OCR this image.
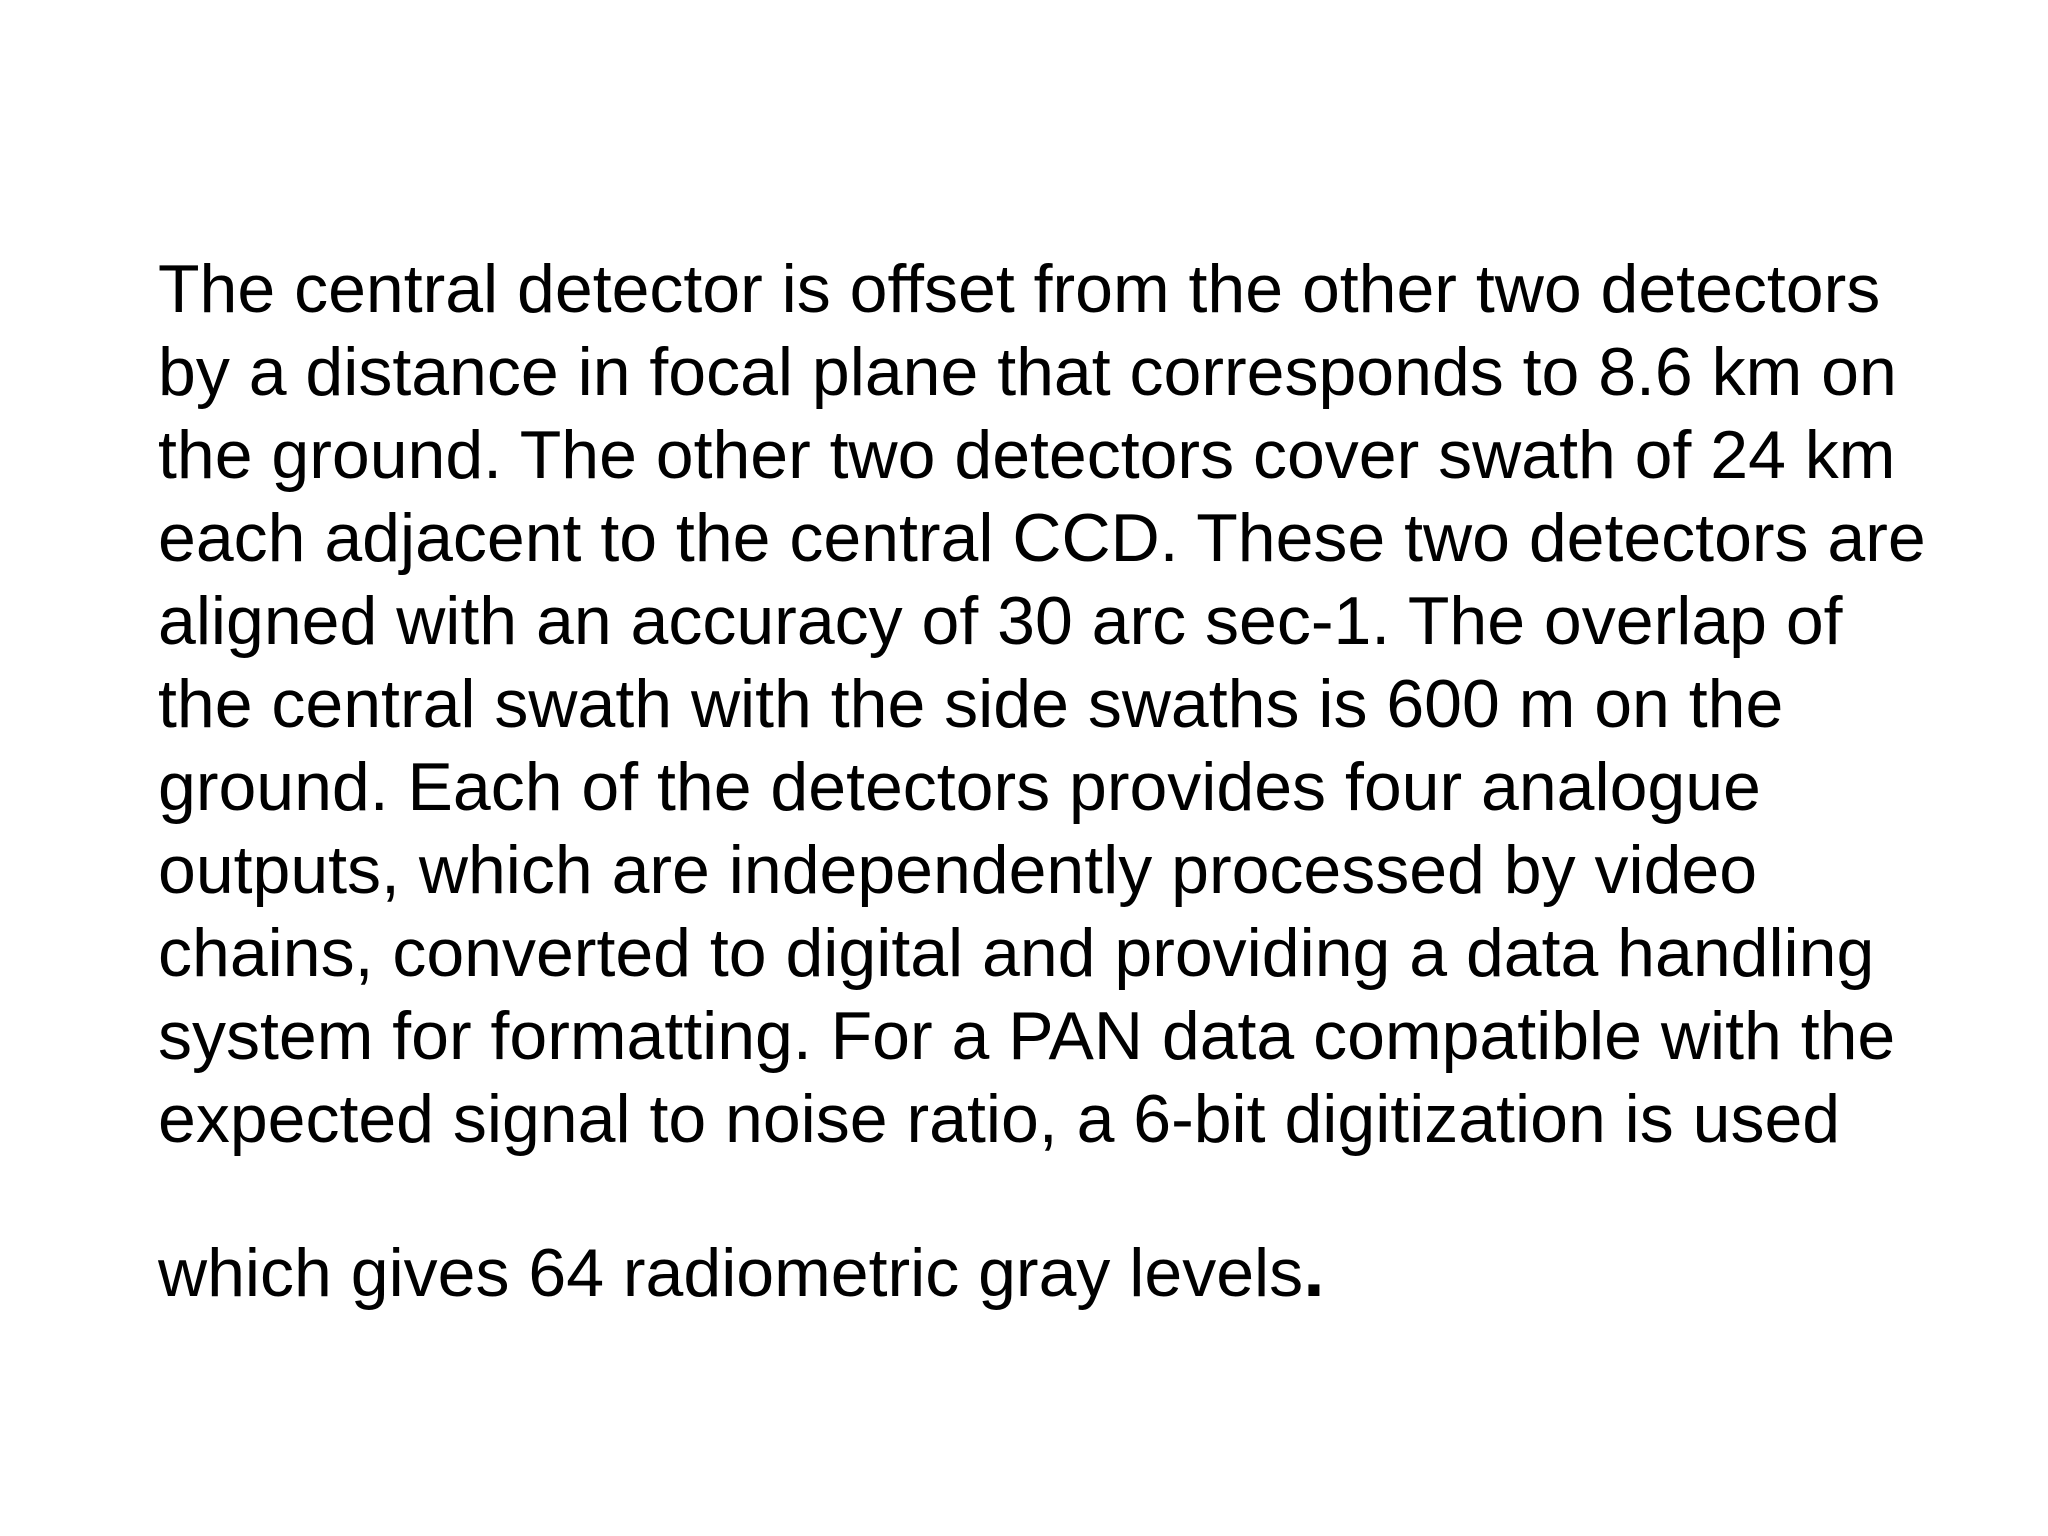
The central detector is offset from the other two detectors
by a distance in focal plane that corresponds to 8.6 km on
the ground. The other two detectors cover swath of 24 km
each adjacent to the central CCD. These two detectors are
aligned with an accuracy of 30 arc sec-1. The overlap of
the central swath with the side swaths is 600 m on the
ground. Each of the detectors provides four analogue
outputs, which are independently processed by video
chains, converted to digital and providing a data handling
system for formatting. For a PAN data compatible with the
expected signal to noise ratio, a 6-bit digitization is used
which gives 64 radiometric gray levels.
